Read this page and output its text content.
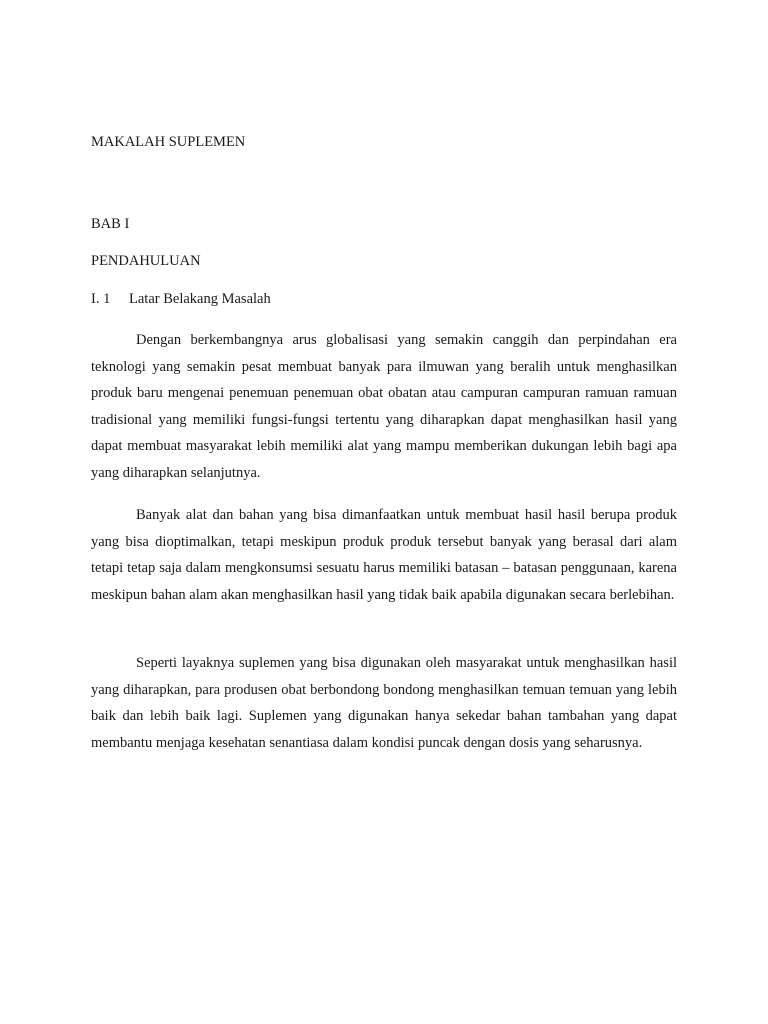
MAKALAH SUPLEMEN
BAB I
PENDAHULUAN
I. 1 Latar Belakang Masalah

Dengan berkembangnya arus globalisasi yang semakin canggih dan perpindahan era teknologi yang semakin pesat membuat banyak para ilmuwan yang beralih untuk menghasilkan produk baru mengenai penemuan penemuan obat obatan atau campuran campuran ramuan ramuan tradisional yang memiliki fungsi-fungsi tertentu yang diharapkan dapat menghasilkan hasil yang dapat membuat masyarakat lebih memiliki alat yang mampu memberikan dukungan lebih bagi apa yang diharapkan selanjutnya.

Banyak alat dan bahan yang bisa dimanfaatkan untuk membuat hasil hasil berupa produk yang bisa dioptimalkan, tetapi meskipun produk produk tersebut banyak yang berasal dari alam tetapi tetap saja dalam mengkonsumsi sesuatu harus memiliki batasan – batasan penggunaan, karena meskipun bahan alam akan menghasilkan hasil yang tidak baik apabila digunakan secara berlebihan.

Seperti layaknya suplemen yang bisa digunakan oleh masyarakat untuk menghasilkan hasil yang diharapkan, para produsen obat berbondong bondong menghasilkan temuan temuan yang lebih baik dan lebih baik lagi. Suplemen yang digunakan hanya sekedar bahan tambahan yang dapat membantu menjaga kesehatan senantiasa dalam kondisi puncak dengan dosis yang seharusnya.
